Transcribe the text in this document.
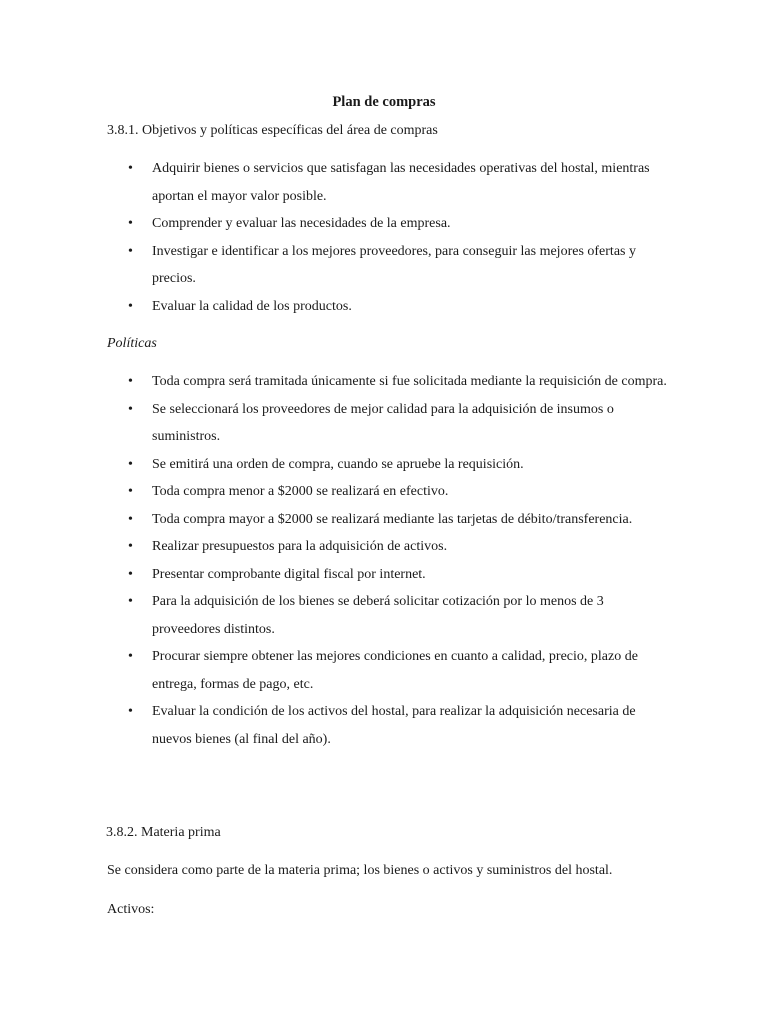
Plan de compras
3.8.1. Objetivos y políticas específicas del área de compras
• Adquirir bienes o servicios que satisfagan las necesidades operativas del hostal, mientras aportan el mayor valor posible.
• Comprender y evaluar las necesidades de la empresa.
• Investigar e identificar a los mejores proveedores, para conseguir las mejores ofertas y precios.
• Evaluar la calidad de los productos.
Políticas
• Toda compra será tramitada únicamente si fue solicitada mediante la requisición de compra.
• Se seleccionará los proveedores de mejor calidad para la adquisición de insumos o suministros.
• Se emitirá una orden de compra, cuando se apruebe la requisición.
• Toda compra menor a $2000 se realizará en efectivo.
• Toda compra mayor a $2000 se realizará mediante las tarjetas de débito/transferencia.
• Realizar presupuestos para la adquisición de activos.
• Presentar comprobante digital fiscal por internet.
• Para la adquisición de los bienes se deberá solicitar cotización por lo menos de 3 proveedores distintos.
• Procurar siempre obtener las mejores condiciones en cuanto a calidad, precio, plazo de entrega, formas de pago, etc.
• Evaluar la condición de los activos del hostal, para realizar la adquisición necesaria de nuevos bienes (al final del año).
3.8.2. Materia prima
Se considera como parte de la materia prima; los bienes o activos y suministros del hostal.
Activos:
